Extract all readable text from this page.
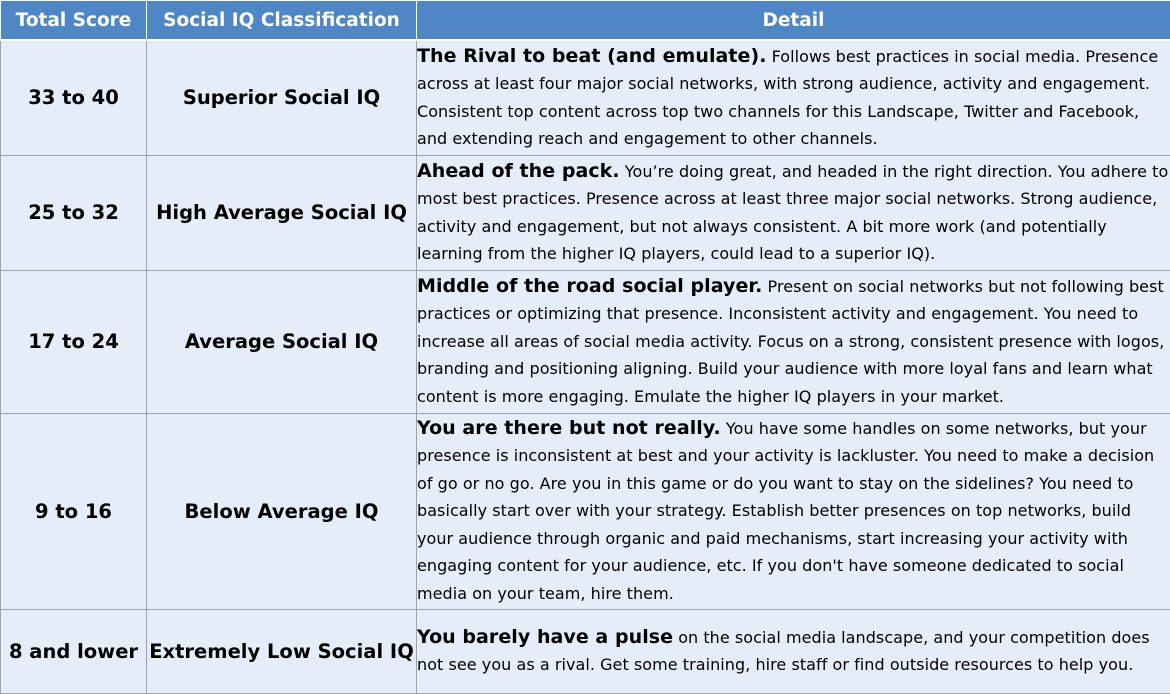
Total Score	Social IQ Classification	Detail
33 to 40	Superior Social IQ	The Rival to beat (and emulate). Follows best practices in social media. Presence across at least four major social networks, with strong audience, activity and engagement. Consistent top content across top two channels for this Landscape, Twitter and Facebook, and extending reach and engagement to other channels.
25 to 32	High Average Social IQ	Ahead of the pack. You’re doing great, and headed in the right direction. You adhere to most best practices. Presence across at least three major social networks. Strong audience, activity and engagement, but not always consistent. A bit more work (and potentially learning from the higher IQ players, could lead to a superior IQ).
17 to 24	Average Social IQ	Middle of the road social player. Present on social networks but not following best practices or optimizing that presence. Inconsistent activity and engagement. You need to increase all areas of social media activity. Focus on a strong, consistent presence with logos, branding and positioning aligning. Build your audience with more loyal fans and learn what content is more engaging. Emulate the higher IQ players in your market.
9 to 16	Below Average IQ	You are there but not really. You have some handles on some networks, but your presence is inconsistent at best and your activity is lackluster. You need to make a decision of go or no go. Are you in this game or do you want to stay on the sidelines? You need to basically start over with your strategy. Establish better presences on top networks, build your audience through organic and paid mechanisms, start increasing your activity with engaging content for your audience, etc. If you don't have someone dedicated to social media on your team, hire them.
8 and lower	Extremely Low Social IQ	You barely have a pulse on the social media landscape, and your competition does not see you as a rival. Get some training, hire staff or find outside resources to help you.
